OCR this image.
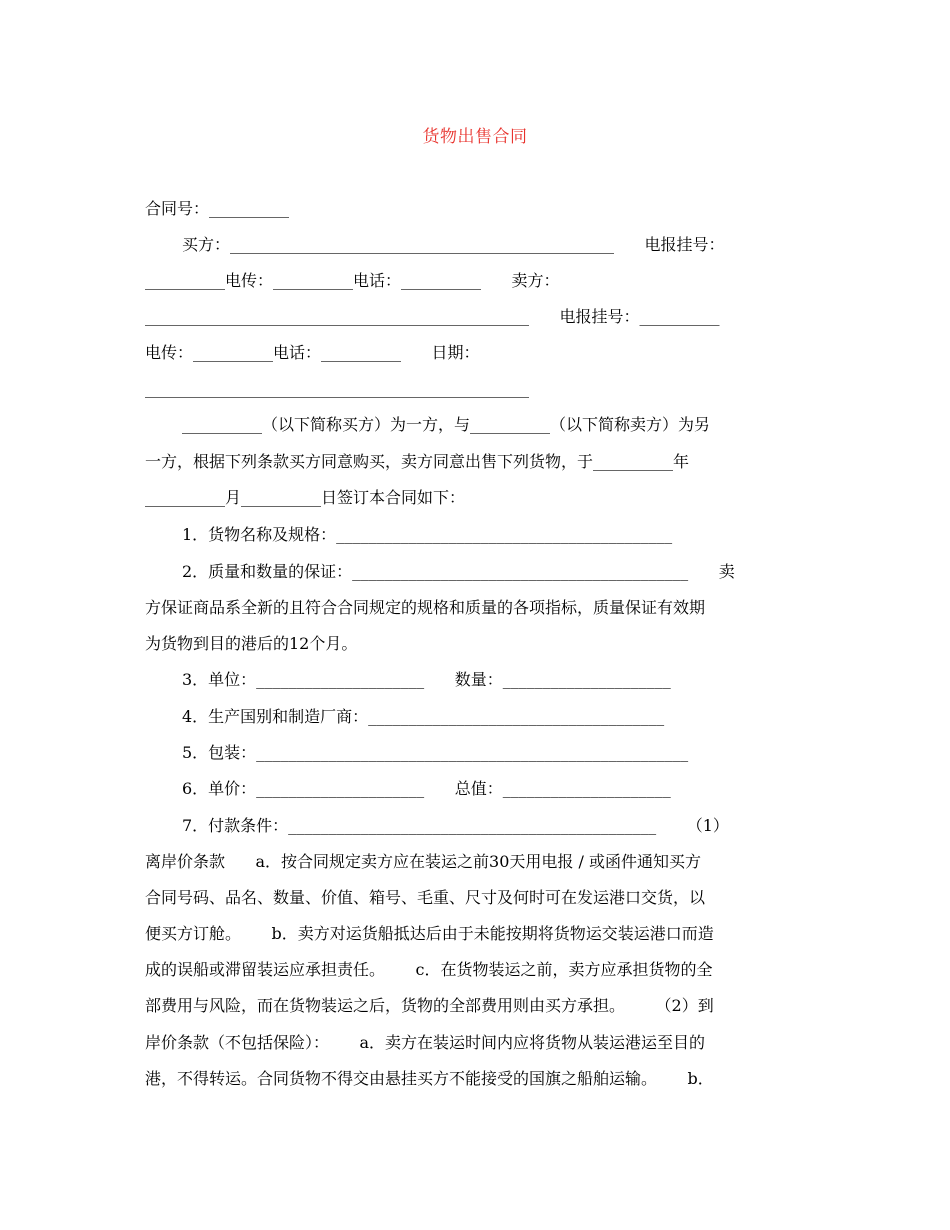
货物出售合同
合同号：__________
买方：________________________________________________      电报挂号：
__________电传：__________电话：__________      卖方：
________________________________________________      电报挂号：__________
电传：__________电话：__________      日期：
________________________________________________
__________（以下简称买方）为一方，与__________（以下简称卖方）为另
一方，根据下列条款买方同意购买，卖方同意出售下列货物，于__________年
__________月__________日签订本合同如下：
1．货物名称及规格：__________________________________________
2．质量和数量的保证：__________________________________________      卖
方保证商品系全新的且符合合同规定的规格和质量的各项指标，质量保证有效期
为货物到目的港后的12个月。
3．单位：_____________________      数量：_____________________
4．生产国别和制造厂商：_____________________________________
5．包装：______________________________________________________
6．单价：_____________________      总值：_____________________
7．付款条件：______________________________________________      （1）
离岸价条款      a．按合同规定卖方应在装运之前30天用电报 / 或函件通知买方
合同号码、品名、数量、价值、箱号、毛重、尺寸及何时可在发运港口交货，以
便买方订舱。      b．卖方对运货船抵达后由于未能按期将货物运交装运港口而造
成的误船或滞留装运应承担责任。      c．在货物装运之前，卖方应承担货物的全
部费用与风险，而在货物装运之后，货物的全部费用则由买方承担。      （2）到
岸价条款（不包括保险）：      a．卖方在装运时间内应将货物从装运港运至目的
港，不得转运。合同货物不得交由悬挂买方不能接受的国旗之船舶运输。      b．
